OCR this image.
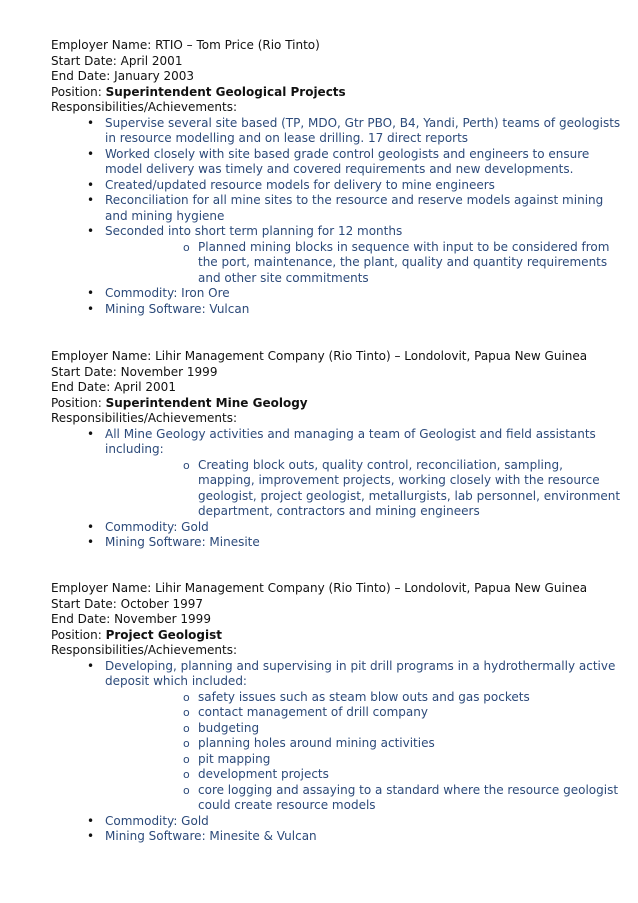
Employer Name: RTIO – Tom Price (Rio Tinto)
Start Date: April 2001
End Date: January 2003
Position: Superintendent Geological Projects
Responsibilities/Achievements:
• Supervise several site based (TP, MDO, Gtr PBO, B4, Yandi, Perth) teams of geologists in resource modelling and on lease drilling. 17 direct reports
• Worked closely with site based grade control geologists and engineers to ensure model delivery was timely and covered requirements and new developments.
• Created/updated resource models for delivery to mine engineers
• Reconciliation for all mine sites to the resource and reserve models against mining and mining hygiene
• Seconded into short term planning for 12 months
o Planned mining blocks in sequence with input to be considered from the port, maintenance, the plant, quality and quantity requirements and other site commitments
• Commodity: Iron Ore
• Mining Software: Vulcan
Employer Name: Lihir Management Company (Rio Tinto) – Londolovit, Papua New Guinea
Start Date: November 1999
End Date: April 2001
Position: Superintendent Mine Geology
Responsibilities/Achievements:
• All Mine Geology activities and managing a team of Geologist and field assistants including:
o Creating block outs, quality control, reconciliation, sampling, mapping, improvement projects, working closely with the resource geologist, project geologist, metallurgists, lab personnel, environment department, contractors and mining engineers
• Commodity: Gold
• Mining Software: Minesite
Employer Name: Lihir Management Company (Rio Tinto) – Londolovit, Papua New Guinea
Start Date: October 1997
End Date: November 1999
Position: Project Geologist
Responsibilities/Achievements:
• Developing, planning and supervising in pit drill programs in a hydrothermally active deposit which included:
o safety issues such as steam blow outs and gas pockets
o contact management of drill company
o budgeting
o planning holes around mining activities
o pit mapping
o development projects
o core logging and assaying to a standard where the resource geologist could create resource models
• Commodity: Gold
• Mining Software: Minesite & Vulcan
